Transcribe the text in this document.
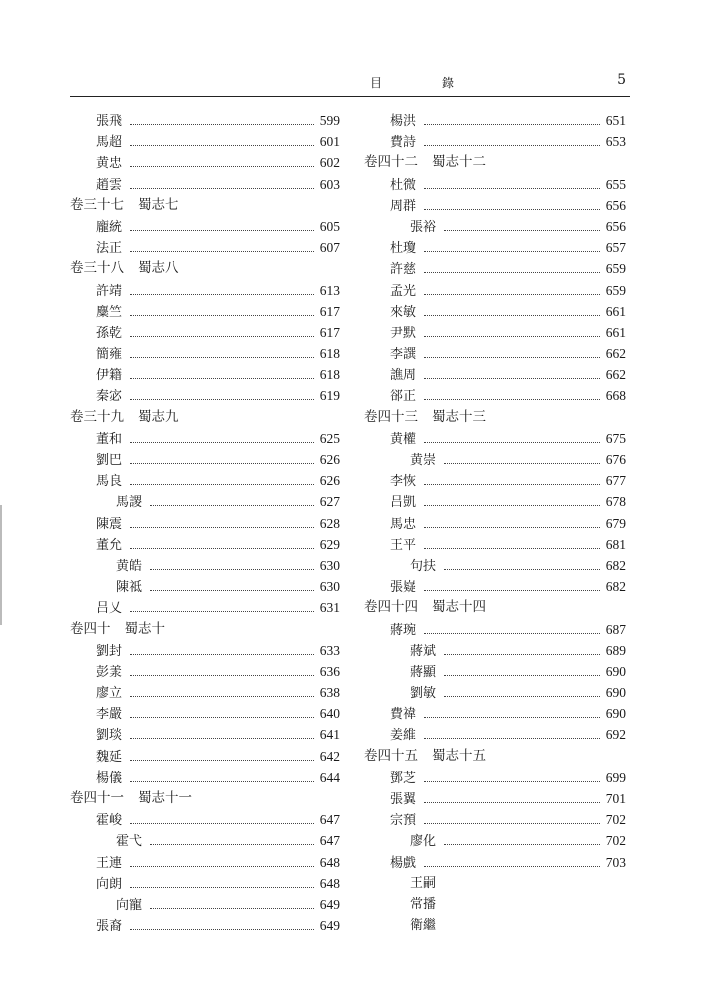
目	錄	5
張飛	599
馬超	601
黄忠	602
趙雲	603
卷三十七 蜀志七
龐統	605
法正	607
卷三十八 蜀志八
許靖	613
麋竺	617
孫乾	617
簡雍	618
伊籍	618
秦宓	619
卷三十九 蜀志九
董和	625
劉巴	626
馬良	626
馬謖	627
陳震	628
董允	629
黄皓	630
陳祗	630
吕乂	631
卷四十 蜀志十
劉封	633
彭羕	636
廖立	638
李嚴	640
劉琰	641
魏延	642
楊儀	644
卷四十一 蜀志十一
霍峻	647
霍弋	647
王連	648
向朗	648
向寵	649
張裔	649
楊洪	651
費詩	653
卷四十二 蜀志十二
杜微	655
周群	656
張裕	656
杜瓊	657
許慈	659
孟光	659
來敏	661
尹默	661
李譔	662
譙周	662
郤正	668
卷四十三 蜀志十三
黄權	675
黄崇	676
李恢	677
吕凱	678
馬忠	679
王平	681
句扶	682
張嶷	682
卷四十四 蜀志十四
蔣琬	687
蔣斌	689
蔣顯	690
劉敏	690
費禕	690
姜維	692
卷四十五 蜀志十五
鄧芝	699
張翼	701
宗預	702
廖化	702
楊戲	703
王嗣
常播
衛繼
